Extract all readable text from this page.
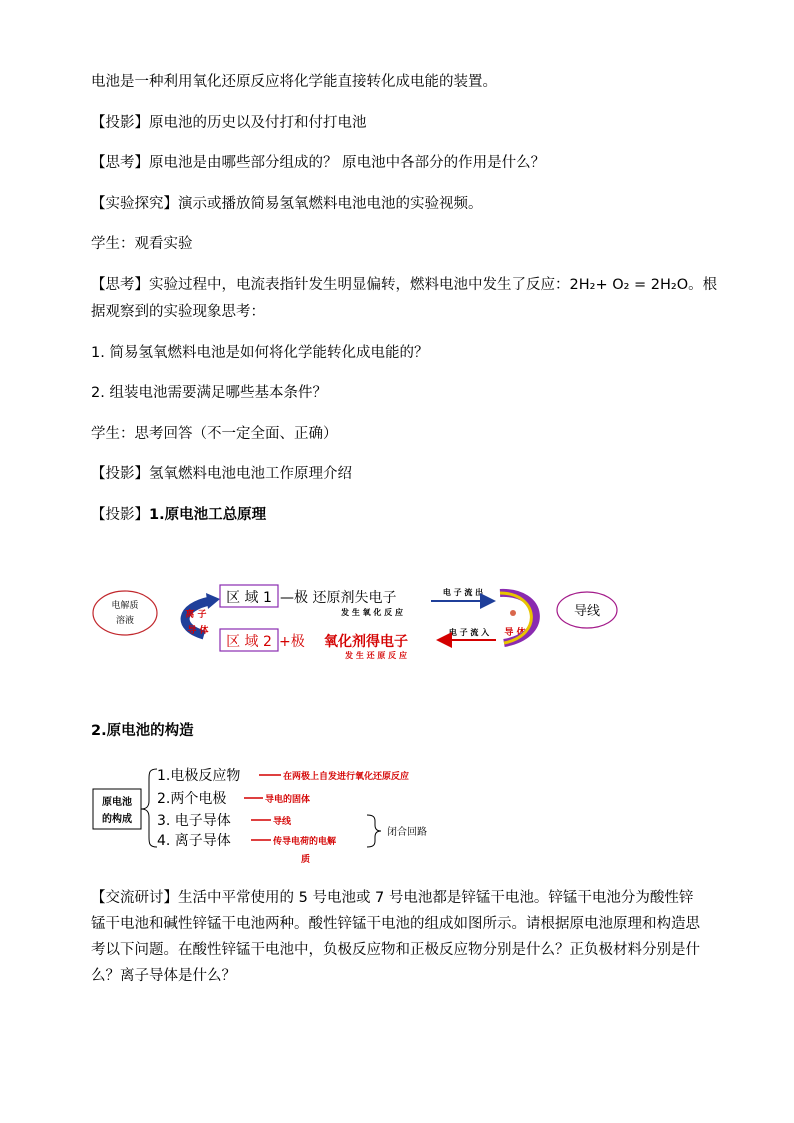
电池是一种利用氧化还原反应将化学能直接转化成电能的装置。
【投影】原电池的历史以及付打和付打电池
【思考】原电池是由哪些部分组成的？ 原电池中各部分的作用是什么？
【实验探究】演示或播放简易氢氧燃料电池电池的实验视频。
学生：观看实验
【思考】实验过程中，电流表指针发生明显偏转，燃料电池中发生了反应：2H₂+ O₂ = 2H₂O。根
据观察到的实验现象思考：
1. 简易氢氧燃料电池是如何将化学能转化成电能的？
2. 组装电池需要满足哪些基本条件？
学生：思考回答（不一定全面、正确）
【投影】氢氧燃料电池电池工作原理介绍
【投影】1.原电池工总原理
电解质
溶液
离 子
导 体
区 域 1 —极 还原剂失电子
发 生 氧 化 反 应
区 域 2 +极 氧化剂得电子
发 生 还 原 反 应
电 子 流 出
电 子 流 入 导 体
导线
2.原电池的构造
原电池
的构成
1.电极反应物	在两极上自发进行氧化还原反应
2.两个电极	导电的固体
3. 电子导体	导线
4. 离子导体	传导电荷的电解
质
闭合回路
【交流研讨】生活中平常使用的 5 号电池或 7 号电池都是锌锰干电池。锌锰干电池分为酸性锌锰干电池和碱性锌锰干电池两种。酸性锌锰干电池的组成如图所示。请根据原电池原理和构造思考以下问题。在酸性锌锰干电池中，负极反应物和正极反应物分别是什么？正负极材料分别是什么？离子导体是什么？
